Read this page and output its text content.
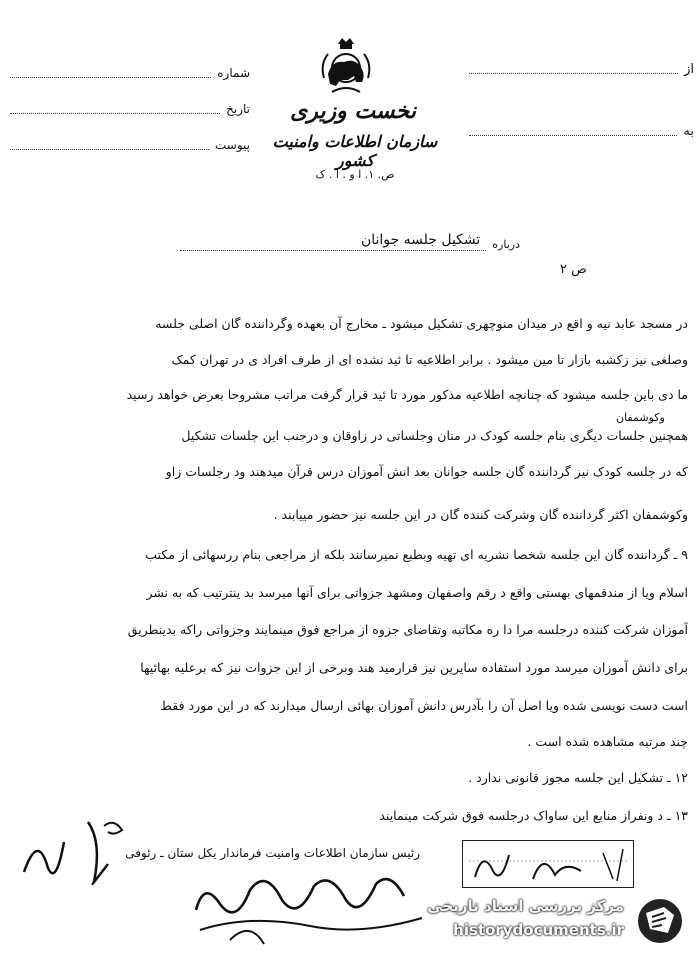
از
به
شماره
تاریخ
پیوست
نخست وزیری
سازمان اطلاعات وامنیت کشور
ص. ۱. ا و . ا . ک
درباره
تشکیل جلسه جوانان
ص ۲
در مسجد عابد نیه و اقع در میدان منوچهری تشکیل میشود ـ مخارج آن بعهده وگرداننده گان اصلی جلسه
وصلغی نیز زکشبه بازار تا مین میشود . برابر اطلاعیه تا ئید نشده ای از طرف افراد ی در تهران کمک
ما دی باین جلسه میشود که چنانچه اطلاعیه مذکور مورد تا ئید قرار گرفت مراتب مشروحا بعرض خواهد رسید
همچنین جلسات دیگری بنام جلسه کودک در منان وجلساتی در زاوقان و درجنب این جلسات تشکیل
که در جلسه کودک نیز گرداننده گان جلسه جوانان بعد انش آموزان درس قرآن میدهند ود رجلسات زاو
وکوشمفان اکثر گرداننده گان وشرکت کننده گان در این جلسه نیز حضور مییابند .
۹ ـ گرداننده گان این جلسه شخصا نشریه ای تهیه وبطبع نمیرسانند بلکه از مراجعی بنام ررسهائی از مکتب
اسلام ویا از مندقمهای بهستی واقع د رقم واصفهان ومشهد جزواتی برای آنها میرسد بد ینترتیب که به نشر
آموزان شرکت کننده درجلسه مرا دا ره مکاتبه وتقاضای جزوه از مراجع فوق مینمایند وجزواتی راکه بدینطریق
برای دانش آموزان میرسد مورد استفاده سایرین نیز قرارمید هند وبرخی از این جزوات نیز که برعلیه بهائیها
است دست نویسی شده ویا اصل آن را بآدرس دانش آموزان بهائی ارسال میدارند که در این مورد فقط
چند مرتبه مشاهده شده است .
۱۲ ـ تشکیل این جلسه مجوز قانونی ندارد .
۱۳ ـ د ونفراز منابع این ساواک درجلسه فوق شرکت مینمایند
وکوشمفان
رئیس سازمان اطلاعات وامنیت فرماندار یکل ستان ـ رئوفی
مرکز بررسی اسناد تاریخی
historydocuments.ir
